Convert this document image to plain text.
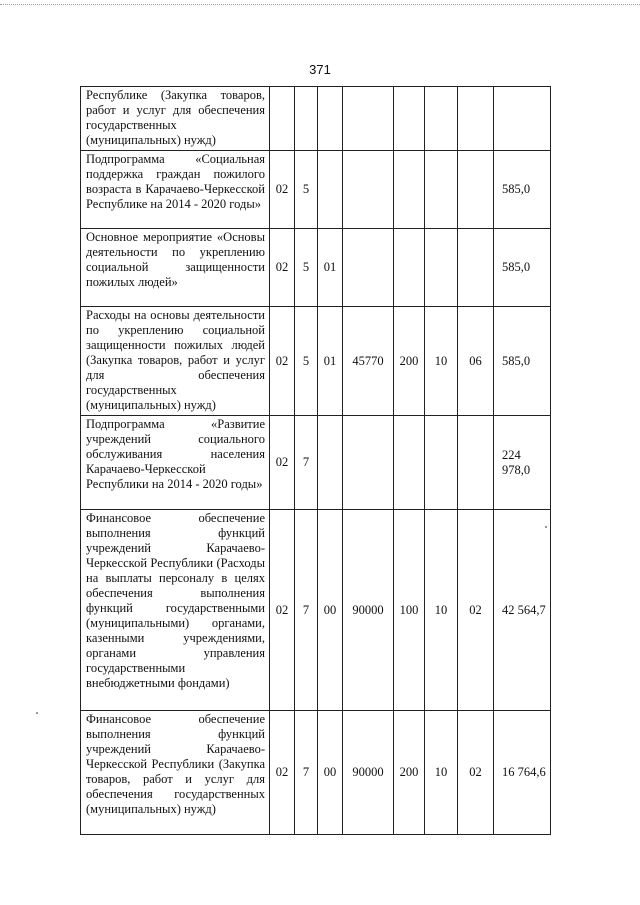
371
Республике (Закупка товаров, работ и услуг для обеспечения государственных (муниципальных) нужд)								
Подпрограмма «Социальная поддержка граждан пожилого возраста в Карачаево-Черкесской Республике на 2014 - 2020 годы»	02	5						585,0
Основное мероприятие «Основы деятельности по укреплению социальной защищенности пожилых людей»	02	5	01					585,0
Расходы на основы деятельности по укреплению социальной защищенности пожилых людей (Закупка товаров, работ и услуг для обеспечения государственных (муниципальных) нужд)	02	5	01	45770	200	10	06	585,0
Подпрограмма «Развитие учреждений социального обслуживания населения Карачаево-Черкесской Республики на 2014 - 2020 годы»	02	7						224 978,0
Финансовое обеспечение выполнения функций учреждений Карачаево-Черкесской Республики (Расходы на выплаты персоналу в целях обеспечения выполнения функций государственными (муниципальными) органами, казенными учреждениями, органами управления государственными внебюджетными фондами)	02	7	00	90000	100	10	02	42 564,7
Финансовое обеспечение выполнения функций учреждений Карачаево-Черкесской Республики (Закупка товаров, работ и услуг для обеспечения государственных (муниципальных) нужд)	02	7	00	90000	200	10	02	16 764,6
